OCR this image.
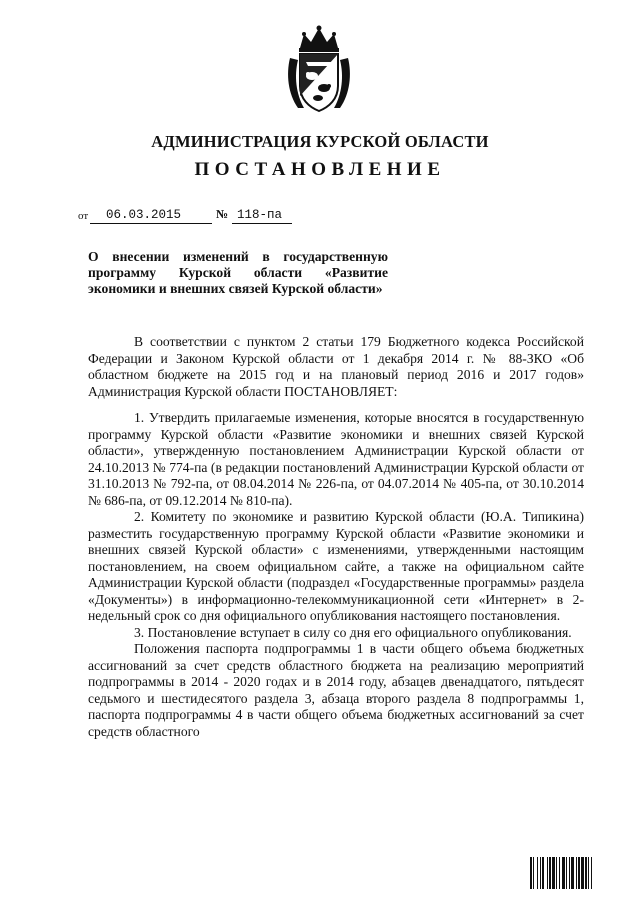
АДМИНИСТРАЦИЯ КУРСКОЙ ОБЛАСТИ
ПОСТАНОВЛЕНИЕ
от 06.03.2015	№ 118-па
О внесении изменений в государственную программу Курской области «Развитие экономики и внешних связей Курской области»

В соответствии с пунктом 2 статьи 179 Бюджетного кодекса Российской Федерации и Законом Курской области от 1 декабря 2014 г. № 88-ЗКО «Об областном бюджете на 2015 год и на плановый период 2016 и 2017 годов» Администрация Курской области ПОСТАНОВЛЯЕТ:

1. Утвердить прилагаемые изменения, которые вносятся в государственную программу Курской области «Развитие экономики и внешних связей Курской области», утвержденную постановлением Администрации Курской области от 24.10.2013 № 774-па (в редакции постановлений Администрации Курской области от 31.10.2013 № 792-па, от 08.04.2014 № 226-па, от 04.07.2014 № 405-па, от 30.10.2014 № 686-па, от 09.12.2014 № 810-па).

2. Комитету по экономике и развитию Курской области (Ю.А. Типикина) разместить государственную программу Курской области «Развитие экономики и внешних связей Курской области» с изменениями, утвержденными настоящим постановлением, на своем официальном сайте, а также на официальном сайте Администрации Курской области (подраздел «Государственные программы» раздела «Документы») в информационно-телекоммуникационной сети «Интернет» в 2-недельный срок со дня официального опубликования настоящего постановления.

3. Постановление вступает в силу со дня его официального опубликования.

Положения паспорта подпрограммы 1 в части общего объема бюджетных ассигнований за счет средств областного бюджета на реализацию мероприятий подпрограммы в 2014 - 2020 годах и в 2014 году, абзацев двенадцатого, пятьдесят седьмого и шестидесятого раздела 3, абзаца второго раздела 8 подпрограммы 1, паспорта подпрограммы 4 в части общего объема бюджетных ассигнований за счет средств областного
